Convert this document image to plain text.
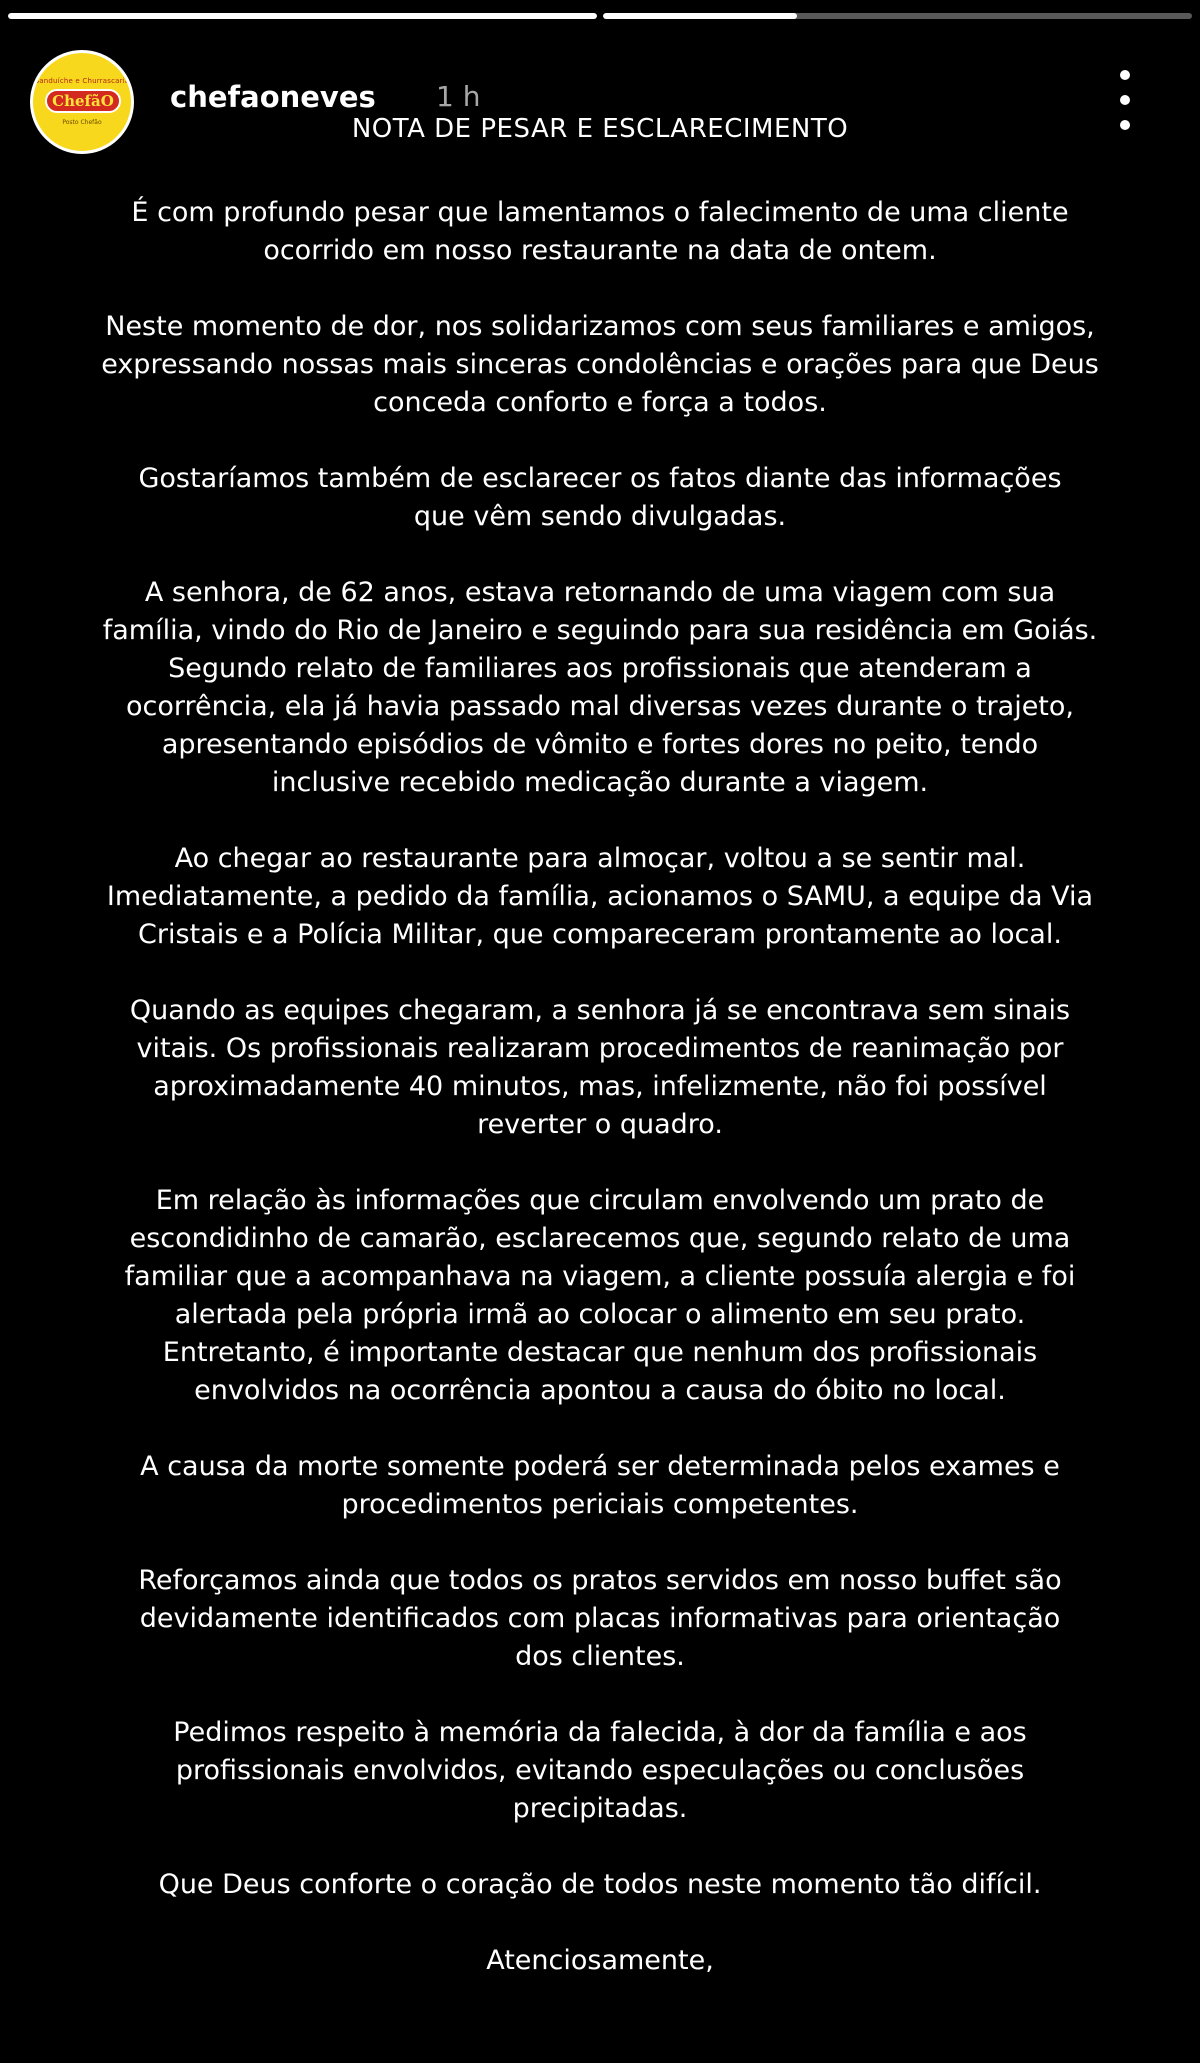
Sanduíche e Churrascaria
ChefãO
Posto Chefão
chefaoneves 1 h
NOTA DE PESAR E ESCLARECIMENTO
É com profundo pesar que lamentamos o falecimento de uma cliente
ocorrido em nosso restaurante na data de ontem.
Neste momento de dor, nos solidarizamos com seus familiares e amigos,
expressando nossas mais sinceras condolências e orações para que Deus
conceda conforto e força a todos.
Gostaríamos também de esclarecer os fatos diante das informações
que vêm sendo divulgadas.
A senhora, de 62 anos, estava retornando de uma viagem com sua
família, vindo do Rio de Janeiro e seguindo para sua residência em Goiás.
Segundo relato de familiares aos profissionais que atenderam a
ocorrência, ela já havia passado mal diversas vezes durante o trajeto,
apresentando episódios de vômito e fortes dores no peito, tendo
inclusive recebido medicação durante a viagem.
Ao chegar ao restaurante para almoçar, voltou a se sentir mal.
Imediatamente, a pedido da família, acionamos o SAMU, a equipe da Via
Cristais e a Polícia Militar, que compareceram prontamente ao local.
Quando as equipes chegaram, a senhora já se encontrava sem sinais
vitais. Os profissionais realizaram procedimentos de reanimação por
aproximadamente 40 minutos, mas, infelizmente, não foi possível
reverter o quadro.
Em relação às informações que circulam envolvendo um prato de
escondidinho de camarão, esclarecemos que, segundo relato de uma
familiar que a acompanhava na viagem, a cliente possuía alergia e foi
alertada pela própria irmã ao colocar o alimento em seu prato.
Entretanto, é importante destacar que nenhum dos profissionais
envolvidos na ocorrência apontou a causa do óbito no local.
A causa da morte somente poderá ser determinada pelos exames e
procedimentos periciais competentes.
Reforçamos ainda que todos os pratos servidos em nosso buffet são
devidamente identificados com placas informativas para orientação
dos clientes.
Pedimos respeito à memória da falecida, à dor da família e aos
profissionais envolvidos, evitando especulações ou conclusões
precipitadas.
Que Deus conforte o coração de todos neste momento tão difícil.
Atenciosamente,
